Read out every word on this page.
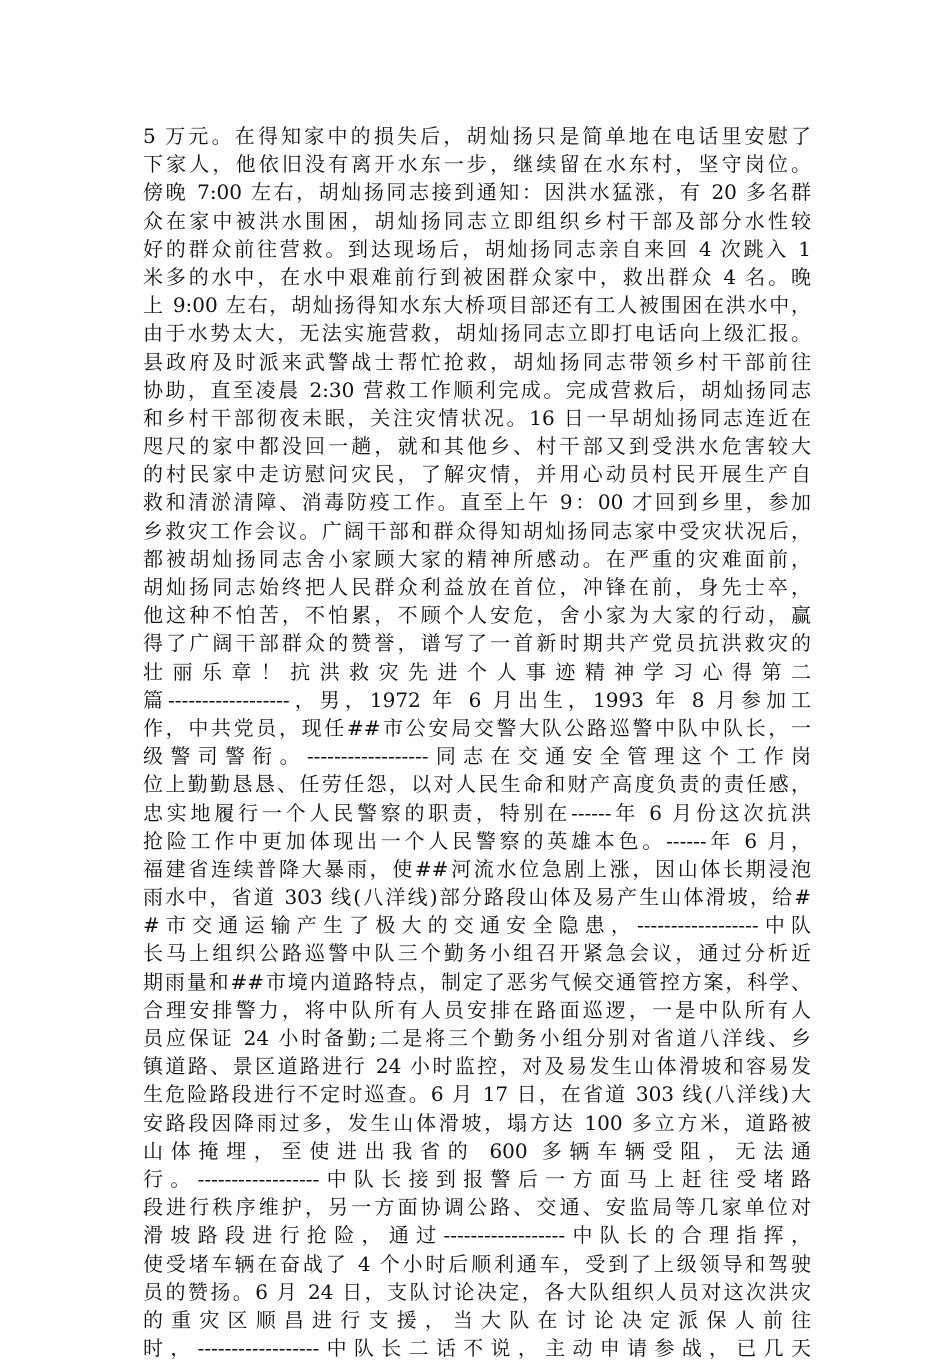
5 万元。在得知家中的损失后，胡灿扬只是简单地在电话里安慰了
下家人，他依旧没有离开水东一步，继续留在水东村，坚守岗位。
傍晚 7:00 左右，胡灿扬同志接到通知：因洪水猛涨，有 20 多名群
众在家中被洪水围困，胡灿扬同志立即组织乡村干部及部分水性较
好的群众前往营救。到达现场后，胡灿扬同志亲自来回 4 次跳入 1
米多的水中，在水中艰难前行到被困群众家中，救出群众 4 名。晚
上 9:00 左右，胡灿扬得知水东大桥项目部还有工人被围困在洪水中，
由于水势太大，无法实施营救，胡灿扬同志立即打电话向上级汇报。
县政府及时派来武警战士帮忙抢救，胡灿扬同志带领乡村干部前往
协助，直至凌晨 2:30 营救工作顺利完成。完成营救后，胡灿扬同志
和乡村干部彻夜未眠，关注灾情状况。16 日一早胡灿扬同志连近在
咫尺的家中都没回一趟，就和其他乡、村干部又到受洪水危害较大
的村民家中走访慰问灾民，了解灾情，并用心动员村民开展生产自
救和清淤清障、消毒防疫工作。直至上午 9：00 才回到乡里，参加
乡救灾工作会议。广阔干部和群众得知胡灿扬同志家中受灾状况后，
都被胡灿扬同志舍小家顾大家的精神所感动。在严重的灾难面前，
胡灿扬同志始终把人民群众利益放在首位，冲锋在前，身先士卒，
他这种不怕苦，不怕累，不顾个人安危，舍小家为大家的行动，赢
得了广阔干部群众的赞誉，谱写了一首新时期共产党员抗洪救灾的
壮丽乐章！抗洪救灾先进个人事迹精神学习心得第二
篇------------------，男，1972 年 6 月出生，1993 年 8 月参加工
作，中共党员，现任##市公安局交警大队公路巡警中队中队长，一
级警司警衔。------------------同志在交通安全管理这个工作岗
位上勤勤恳恳、任劳任怨，以对人民生命和财产高度负责的责任感，
忠实地履行一个人民警察的职责，特别在------年 6 月份这次抗洪
抢险工作中更加体现出一个人民警察的英雄本色。------年 6 月，
福建省连续普降大暴雨，使##河流水位急剧上涨，因山体长期浸泡
雨水中，省道 303 线(八洋线)部分路段山体及易产生山体滑坡，给#
#市交通运输产生了极大的交通安全隐患，------------------中队
长马上组织公路巡警中队三个勤务小组召开紧急会议，通过分析近
期雨量和##市境内道路特点，制定了恶劣气候交通管控方案，科学、
合理安排警力，将中队所有人员安排在路面巡逻，一是中队所有人
员应保证 24 小时备勤;二是将三个勤务小组分别对省道八洋线、乡
镇道路、景区道路进行 24 小时监控，对及易发生山体滑坡和容易发
生危险路段进行不定时巡查。6 月 17 日，在省道 303 线(八洋线)大
安路段因降雨过多，发生山体滑坡，塌方达 100 多立方米，道路被
山体掩埋，至使进出我省的 600 多辆车辆受阻，无法通
行。------------------中队长接到报警后一方面马上赶往受堵路
段进行秩序维护，另一方面协调公路、交通、安监局等几家单位对
滑坡路段进行抢险，通过------------------中队长的合理指挥，
使受堵车辆在奋战了 4 个小时后顺利通车，受到了上级领导和驾驶
员的赞扬。6 月 24 日，支队讨论决定，各大队组织人员对这次洪灾
的重灾区顺昌进行支援，当大队在讨论决定派保人前往
时，------------------中队长二话不说，主动申请参战，已几天
